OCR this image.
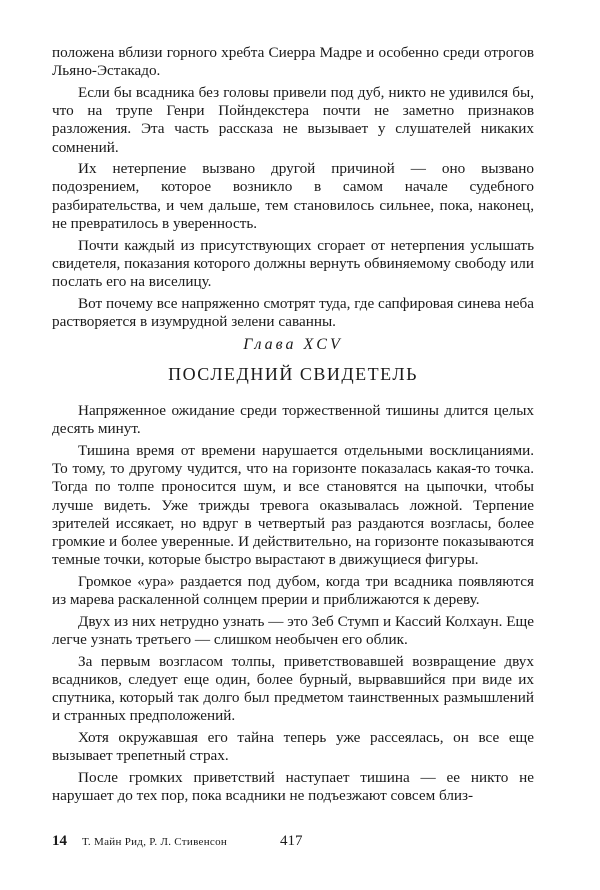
положена вблизи горного хребта Сиерра Мадре и особенно среди отрогов Льяно-Эстакадо.

Если бы всадника без головы привели под дуб, никто не удивился бы, что на трупе Генри Пойндекстера почти не заметно признаков разложения. Эта часть рассказа не вызывает у слушателей никаких сомнений.

Их нетерпение вызвано другой причиной — оно вызвано подозрением, которое возникло в самом начале судебного разбирательства, и чем дальше, тем становилось сильнее, пока, наконец, не превратилось в уверенность.

Почти каждый из присутствующих сгорает от нетерпения услышать свидетеля, показания которого должны вернуть обвиняемому свободу или послать его на виселицу.

Вот почему все напряженно смотрят туда, где сапфировая синева неба растворяется в изумрудной зелени саванны.

Глава XCV
ПОСЛЕДНИЙ СВИДЕТЕЛЬ

Напряженное ожидание среди торжественной тишины длится целых десять минут.

Тишина время от времени нарушается отдельными восклицаниями. То тому, то другому чудится, что на горизонте показалась какая-то точка. Тогда по толпе проносится шум, и все становятся на цыпочки, чтобы лучше видеть. Уже трижды тревога оказывалась ложной. Терпение зрителей иссякает, но вдруг в четвертый раз раздаются возгласы, более громкие и более уверенные. И действительно, на горизонте показываются темные точки, которые быстро вырастают в движущиеся фигуры.

Громкое «ура» раздается под дубом, когда три всадника появляются из марева раскаленной солнцем прерии и приближаются к дереву.

Двух из них нетрудно узнать — это Зеб Стумп и Кассий Колхаун. Еще легче узнать третьего — слишком необычен его облик.

За первым возгласом толпы, приветствовавшей возвращение двух всадников, следует еще один, более бурный, вырвавшийся при виде их спутника, который так долго был предметом таинственных размышлений и странных предположений.

Хотя окружавшая его тайна теперь уже рассеялась, он все еще вызывает трепетный страх.

После громких приветствий наступает тишина — ее никто не нарушает до тех пор, пока всадники не подъезжают совсем близ-

14 Т. Майн Рид, Р. Л. Стивенсон	417
